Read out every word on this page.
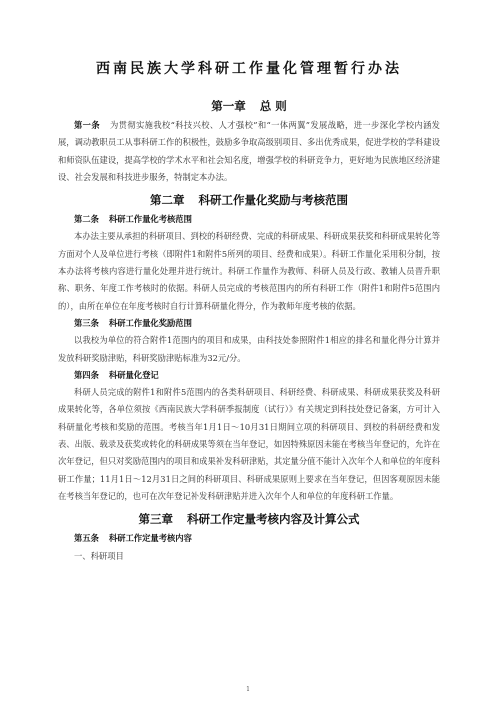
西南民族大学科研工作量化管理暂行办法
第一章 总 则

第一条 为贯彻实施我校“科技兴校、人才强校”和“一体两翼”发展战略，进一步深化学校内涵发展，调动教职员工从事科研工作的积极性，鼓励多争取高级别项目、多出优秀成果，促进学校的学科建设和师资队伍建设，提高学校的学术水平和社会知名度，增强学校的科研竞争力，更好地为民族地区经济建设、社会发展和科技进步服务，特制定本办法。

第二章 科研工作量化奖励与考核范围

第二条 科研工作量化考核范围

本办法主要从承担的科研项目、到校的科研经费、完成的科研成果、科研成果获奖和科研成果转化等方面对个人及单位进行考核（即附件1和附件5所列的项目、经费和成果）。科研工作量化采用积分制，按本办法将考核内容进行量化处理并进行统计。科研工作量作为教师、科研人员及行政、教辅人员晋升职称、职务、年度工作考核时的依据。科研人员完成的考核范围内的所有科研工作（附件1和附件5范围内的），由所在单位在年度考核时自行计算科研量化得分，作为教师年度考核的依据。

第三条 科研工作量化奖励范围

以我校为单位的符合附件1范围内的项目和成果，由科技处参照附件1相应的排名和量化得分计算并发放科研奖励津贴，科研奖励津贴标准为32元/分。

第四条 科研量化登记

科研人员完成的附件1和附件5范围内的各类科研项目、科研经费、科研成果、科研成果获奖及科研成果转化等，各单位须按《西南民族大学科研季报制度（试行）》有关规定到科技处登记备案，方可计入科研量化考核和奖励的范围。考核当年1月1日～10月31日期间立项的科研项目、到校的科研经费和发表、出版、载录及获奖或转化的科研成果等须在当年登记，如因特殊原因未能在考核当年登记的，允许在次年登记，但只对奖励范围内的项目和成果补发科研津贴，其定量分值不能计入次年个人和单位的年度科研工作量；11月1日～12月31日之间的科研项目、科研成果原则上要求在当年登记，但因客观原因未能在考核当年登记的，也可在次年登记补发科研津贴并进入次年个人和单位的年度科研工作量。

第三章 科研工作定量考核内容及计算公式

第五条 科研工作定量考核内容

一、科研项目

1
